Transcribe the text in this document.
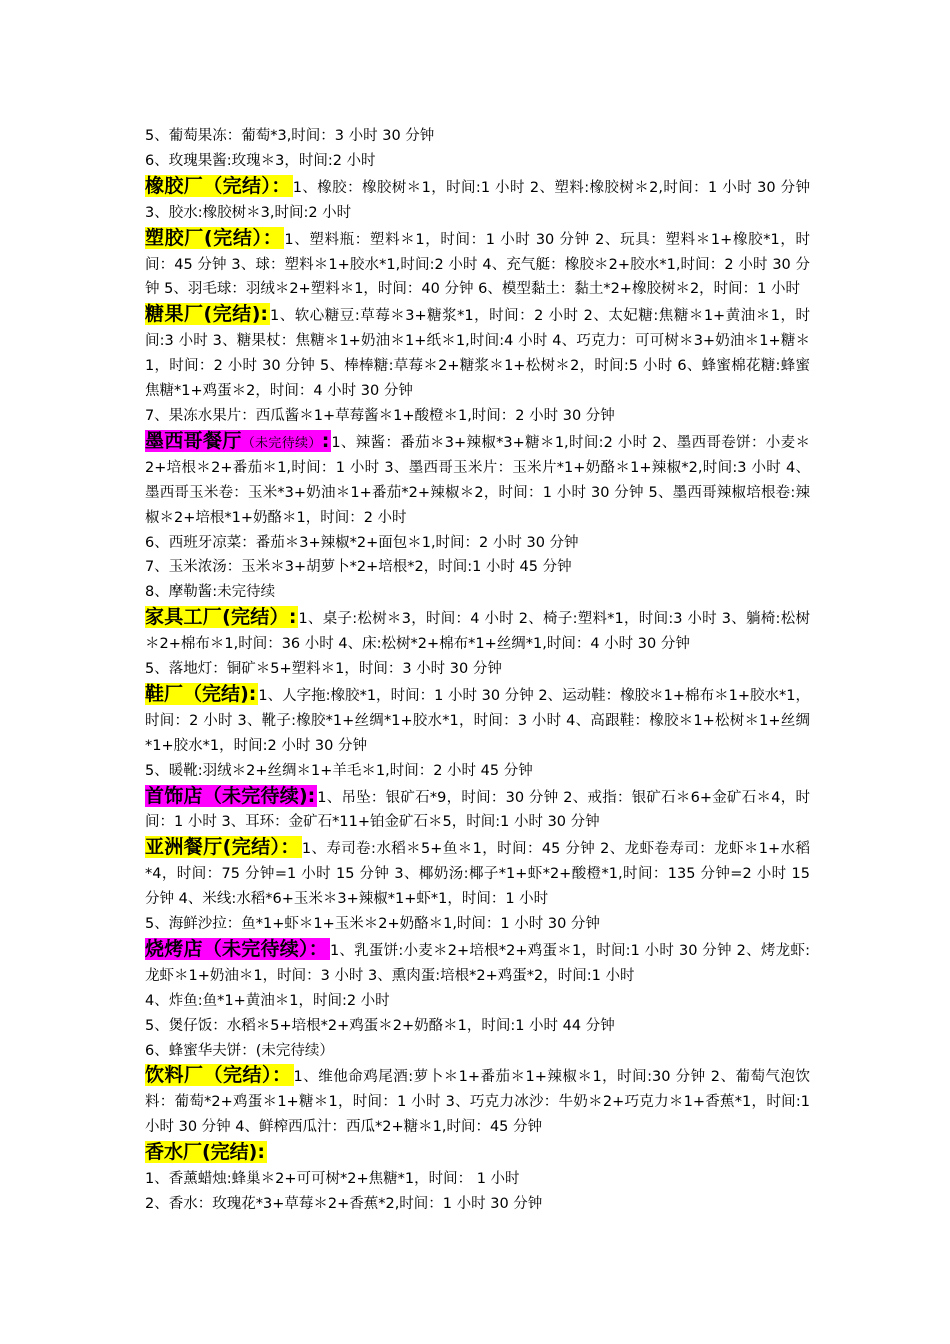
5、葡萄果冻：葡萄*3,时间：3 小时 30 分钟
6、玫瑰果酱:玫瑰＊3，时间:2 小时
橡胶厂（完结）： 1、橡胶：橡胶树＊1，时间:1 小时 2、塑料:橡胶树＊2,时间：1 小时 30 分钟 3、胶水:橡胶树＊3,时间:2 小时
塑胶厂(完结）： 1、塑料瓶：塑料＊1，时间：1 小时 30 分钟 2、玩具：塑料＊1+橡胶*1，时间：45 分钟 3、球：塑料＊1+胶水*1,时间:2 小时 4、充气艇：橡胶＊2+胶水*1,时间：2 小时 30 分钟 5、羽毛球：羽绒＊2+塑料＊1，时间：40 分钟 6、模型黏土：黏土*2+橡胶树＊2，时间：1 小时
糖果厂(完结): 1、软心糖豆:草莓＊3+糖浆*1，时间：2 小时 2、太妃糖:焦糖＊1+黄油＊1，时间:3 小时 3、糖果杖：焦糖＊1+奶油＊1+纸＊1,时间:4 小时 4、巧克力：可可树＊3+奶油＊1+糖＊1，时间：2 小时 30 分钟 5、棒棒糖:草莓＊2+糖浆＊1+松树＊2，时间:5 小时 6、蜂蜜棉花糖:蜂蜜焦糖*1+鸡蛋＊2，时间：4 小时 30 分钟
7、果冻水果片：西瓜酱＊1+草莓酱＊1+酸橙＊1,时间：2 小时 30 分钟
墨西哥餐厅（未完待续）: 1、辣酱：番茄＊3+辣椒*3+糖＊1,时间:2 小时 2、墨西哥卷饼：小麦＊2+培根＊2+番茄＊1,时间：1 小时 3、墨西哥玉米片：玉米片*1+奶酪＊1+辣椒*2,时间:3 小时 4、墨西哥玉米卷：玉米*3+奶油＊1+番茄*2+辣椒＊2，时间：1 小时 30 分钟 5、墨西哥辣椒培根卷:辣椒＊2+培根*1+奶酪＊1，时间：2 小时
6、西班牙凉菜：番茄＊3+辣椒*2+面包＊1,时间：2 小时 30 分钟
7、玉米浓汤：玉米＊3+胡萝卜*2+培根*2，时间:1 小时 45 分钟
8、摩勒酱:未完待续
家具工厂(完结）: 1、桌子:松树＊3，时间：4 小时 2、椅子:塑料*1，时间:3 小时 3、躺椅:松树＊2+棉布＊1,时间：36 小时 4、床:松树*2+棉布*1+丝绸*1,时间：4 小时 30 分钟
5、落地灯：铜矿＊5+塑料＊1，时间：3 小时 30 分钟
鞋厂（完结): 1、人字拖:橡胶*1，时间：1 小时 30 分钟 2、运动鞋：橡胶＊1+棉布＊1+胶水*1，时间：2 小时 3、靴子:橡胶*1+丝绸*1+胶水*1，时间：3 小时 4、高跟鞋：橡胶＊1+松树＊1+丝绸*1+胶水*1，时间:2 小时 30 分钟
5、暖靴:羽绒＊2+丝绸＊1+羊毛＊1,时间：2 小时 45 分钟
首饰店（未完待续): 1、吊坠：银矿石*9，时间：30 分钟 2、戒指：银矿石＊6+金矿石＊4，时间：1 小时 3、耳环：金矿石*11+铂金矿石＊5，时间:1 小时 30 分钟
亚洲餐厅(完结）： 1、寿司卷:水稻＊5+鱼＊1，时间：45 分钟 2、龙虾卷寿司：龙虾＊1+水稻*4，时间：75 分钟=1 小时 15 分钟 3、椰奶汤:椰子*1+虾*2+酸橙*1,时间：135 分钟=2 小时 15 分钟 4、米线:水稻*6+玉米＊3+辣椒*1+虾*1，时间：1 小时
5、海鲜沙拉：鱼*1+虾＊1+玉米＊2+奶酪＊1,时间：1 小时 30 分钟
烧烤店（未完待续）： 1、乳蛋饼:小麦＊2+培根*2+鸡蛋＊1，时间:1 小时 30 分钟 2、烤龙虾:龙虾＊1+奶油＊1，时间：3 小时 3、熏肉蛋:培根*2+鸡蛋*2，时间:1 小时
4、炸鱼:鱼*1+黄油＊1，时间:2 小时
5、煲仔饭：水稻＊5+培根*2+鸡蛋＊2+奶酪＊1，时间:1 小时 44 分钟
6、蜂蜜华夫饼：(未完待续）
饮料厂（完结）： 1、维他命鸡尾酒:萝卜＊1+番茄＊1+辣椒＊1，时间:30 分钟 2、葡萄气泡饮料：葡萄*2+鸡蛋＊1+糖＊1，时间：1 小时 3、巧克力冰沙：牛奶＊2+巧克力＊1+香蕉*1，时间:1 小时 30 分钟 4、鲜榨西瓜汁：西瓜*2+糖＊1,时间：45 分钟
香水厂(完结):
1、香薰蜡烛:蜂巢＊2+可可树*2+焦糖*1，时间： 1 小时
2、香水：玫瑰花*3+草莓＊2+香蕉*2,时间：1 小时 30 分钟
